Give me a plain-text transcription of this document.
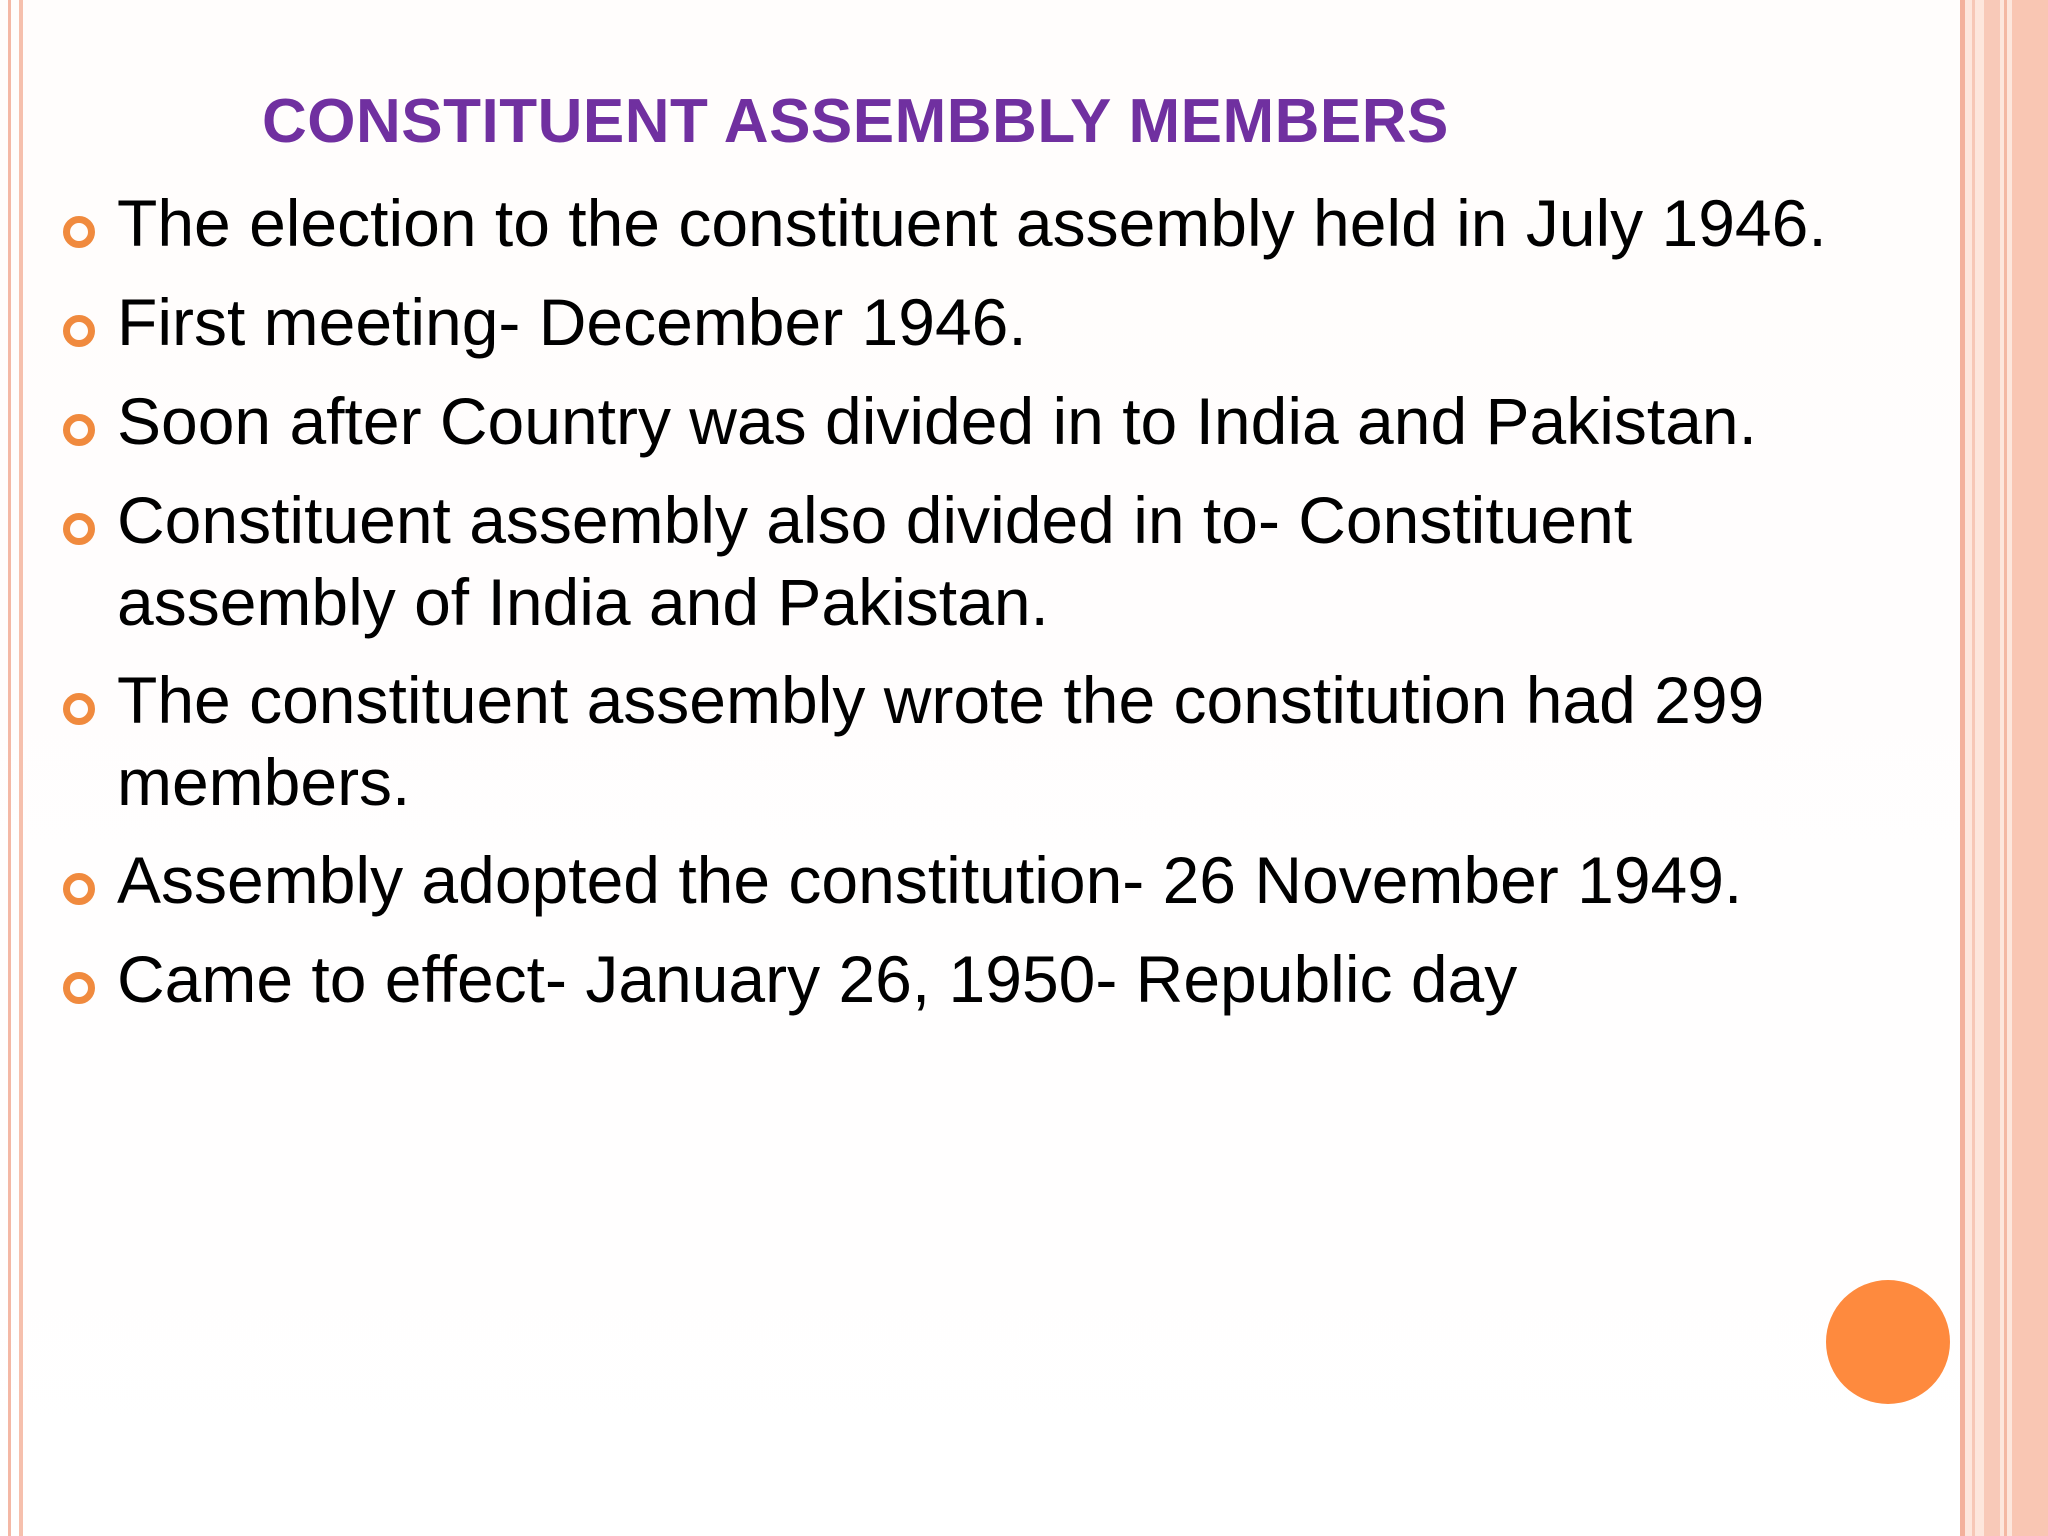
CONSTITUENT ASSEMBBLY MEMBERS

The election to the constituent assembly held in July 1946.

First meeting- December 1946.

Soon after Country was divided in to India and Pakistan.

Constituent assembly also divided in to- Constituent
assembly of India and Pakistan.

The constituent assembly wrote the constitution had 299
members.

Assembly adopted the constitution- 26 November 1949.

Came to effect- January 26, 1950- Republic day
